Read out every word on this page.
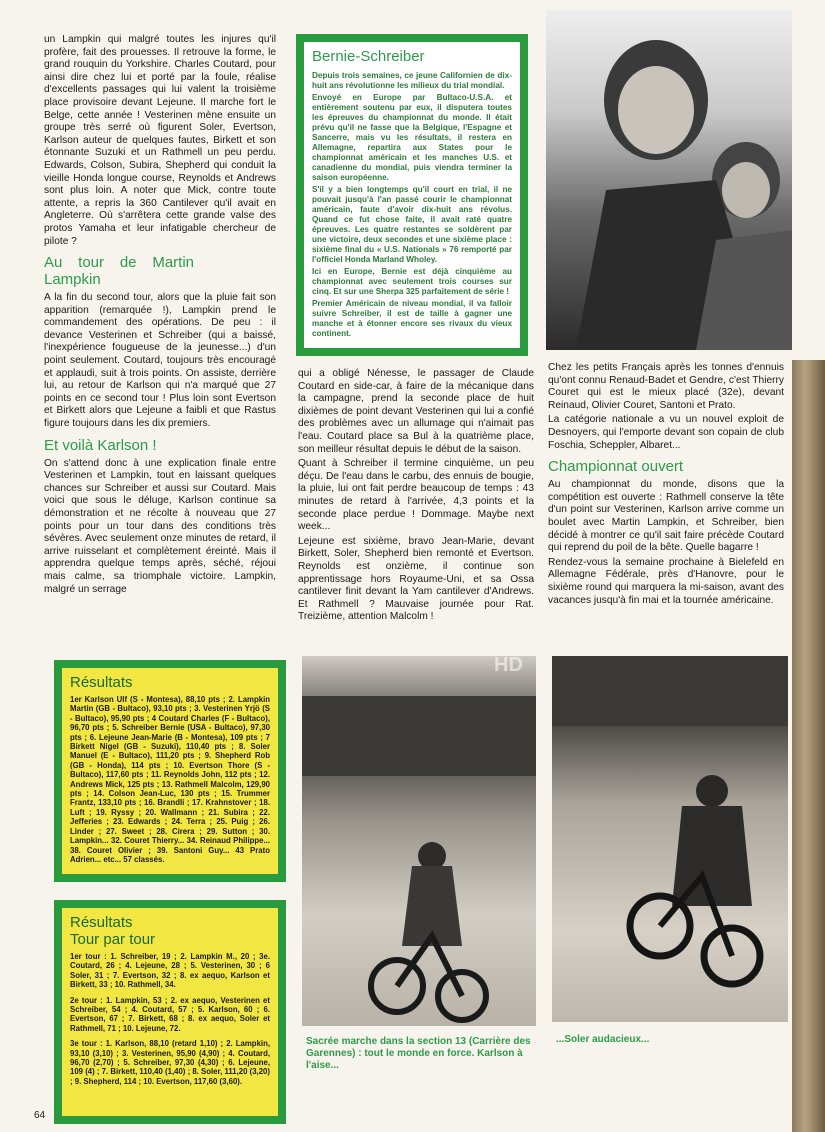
un Lampkin qui malgré toutes les injures qu'il profère, fait des prouesses. Il retrouve la forme, le grand rouquin du Yorkshire. Charles Coutard, pour ainsi dire chez lui et porté par la foule, réalise d'excellents passages qui lui valent la troisième place provisoire devant Lejeune. Il marche fort le Belge, cette année ! Vesterinen mène ensuite un groupe très serré où figurent Soler, Evertson, Karlson auteur de quelques fautes, Birkett et son étonnante Suzuki et un Rathmell un peu perdu. Edwards, Colson, Subira, Shepherd qui conduit la vieille Honda longue course, Reynolds et Andrews sont plus loin. A noter que Mick, contre toute attente, a repris la 360 Cantilever qu'il avait en Angleterre. Où s'arrêtera cette grande valse des protos Yamaha et leur infatigable chercheur de pilote ?

Au tour de Martin Lampkin

A la fin du second tour, alors que la pluie fait son apparition (remarquée !), Lampkin prend le commandement des opérations. De peu : il devance Vesterinen et Schreiber (qui a baissé, l'inexpérience fougueuse de la jeunesse...) d'un point seulement. Coutard, toujours très encouragé et applaudi, suit à trois points. On assiste, derrière lui, au retour de Karlson qui n'a marqué que 27 points en ce second tour ! Plus loin sont Evertson et Birkett alors que Lejeune a faibli et que Rastus figure toujours dans les dix premiers.

Et voilà Karlson !

On s'attend donc à une explication finale entre Vesterinen et Lampkin, tout en laissant quelques chances sur Schreiber et aussi sur Coutard. Mais voici que sous le déluge, Karlson continue sa démonstration et ne récolte à nouveau que 27 points pour un tour dans des conditions très sévères. Avec seulement onze minutes de retard, il arrive ruisselant et complètement éreinté. Mais il apprendra quelque temps après, séché, réjoui mais calme, sa triomphale victoire. Lampkin, malgré un serrage

Bernie-Schreiber

Depuis trois semaines, ce jeune Californien de dix-huit ans révolutionne les milieux du trial mondial.

Envoyé en Europe par Bultaco-U.S.A. et entièrement soutenu par eux, il disputera toutes les épreuves du championnat du monde. Il était prévu qu'il ne fasse que la Belgique, l'Espagne et Sancerre, mais vu les résultats, il restera en Allemagne, repartira aux States pour le championnat américain et les manches U.S. et canadienne du mondial, puis viendra terminer la saison européenne.

S'il y a bien longtemps qu'il court en trial, il ne pouvait jusqu'à l'an passé courir le championnat américain, faute d'avoir dix-huit ans révolus. Quand ce fut chose faite, il avait raté quatre épreuves. Les quatre restantes se soldèrent par une victoire, deux secondes et une sixième place : sixième final du « U.S. Nationals » 76 remporté par l'officiel Honda Marland Wholey.

Ici en Europe, Bernie est déjà cinquième au championnat avec seulement trois courses sur cinq. Et sur une Sherpa 325 parfaitement de série !

Premier Américain de niveau mondial, il va falloir suivre Schreiber, il est de taille à gagner une manche et à étonner encore ses rivaux du vieux continent.

qui a obligé Nénesse, le passager de Claude Coutard en side-car, à faire de la mécanique dans la campagne, prend la seconde place de huit dixièmes de point devant Vesterinen qui lui a confié des problèmes avec un allumage qui n'aimait pas l'eau. Coutard place sa Bul à la quatrième place, son meilleur résultat depuis le début de la saison.

Quant à Schreiber il termine cinquième, un peu déçu. De l'eau dans le carbu, des ennuis de bougie, la pluie, lui ont fait perdre beaucoup de temps : 43 minutes de retard à l'arrivée, 4,3 points et la seconde place perdue ! Dommage. Maybe next week...

Lejeune est sixième, bravo Jean-Marie, devant Birkett, Soler, Shepherd bien remonté et Evertson. Reynolds est onzième, il continue son apprentissage hors Royaume-Uni, et sa Ossa cantilever finit devant la Yam cantilever d'Andrews. Et Rathmell ? Mauvaise journée pour Rat. Treizième, attention Malcolm !

Chez les petits Français après les tonnes d'ennuis qu'ont connu Renaud-Badet et Gendre, c'est Thierry Couret qui est le mieux placé (32e), devant Reinaud, Olivier Couret, Santoni et Prato.

La catégorie nationale a vu un nouvel exploit de Desnoyers, qui l'emporte devant son copain de club Foschia, Scheppler, Albaret...

Championnat ouvert

Au championnat du monde, disons que la compétition est ouverte : Rathmell conserve la tête d'un point sur Vesterinen, Karlson arrive comme un boulet avec Martin Lampkin, et Schreiber, bien décidé à montrer ce qu'il sait faire précède Coutard qui reprend du poil de la bête. Quelle bagarre !

Rendez-vous la semaine prochaine à Bielefeld en Allemagne Fédérale, près d'Hanovre, pour le sixième round qui marquera la mi-saison, avant des vacances jusqu'à fin mai et la tournée américaine.

Résultats

1er Karlson Ulf (S - Montesa), 88,10 pts ; 2. Lampkin Martin (GB - Bultaco), 93,10 pts ; 3. Vesterinen Yrjö (S - Bultaco), 95,90 pts ; 4 Coutard Charles (F - Bultaco), 96,70 pts ; 5. Schreiber Bernie (USA - Bultaco), 97,30 pts ; 6. Lejeune Jean-Marie (B - Montesa), 109 pts ; 7 Birkett Nigel (GB - Suzuki), 110,40 pts ; 8. Soler Manuel (E - Bultaco), 111,20 pts ; 9. Shepherd Rob (GB - Honda), 114 pts ; 10. Evertson Thore (S - Bultaco), 117,60 pts ; 11. Reynolds John, 112 pts ; 12. Andrews Mick, 125 pts ; 13. Rathmell Malcolm, 129,90 pts ; 14. Colson Jean-Luc, 130 pts ; 15. Trummer Frantz, 133,10 pts ; 16. Brandli ; 17. Krahnstover ; 18. Luft ; 19. Ryssy ; 20. Wallmann ; 21. Subira ; 22. Jefferies ; 23. Edwards ; 24. Terra ; 25. Puig ; 26. Linder ; 27. Sweet ; 28. Cirera ; 29. Sutton ; 30. Lampkin... 32. Couret Thierry... 34. Reinaud Philippe... 38. Couret Olivier ; 39. Santoni Guy... 43 Prato Adrien... etc... 57 classés.

Résultats
Tour par tour

1er tour : 1. Schreiber, 19 ; 2. Lampkin M., 20 ; 3e. Coutard, 26 ; 4. Lejeune, 28 ; 5. Vesterinen, 30 ; 6 Soler, 31 ; 7. Evertson, 32 ; 8. ex aequo, Karlson et Birkett, 33 ; 10. Rathmell, 34.

2e tour : 1. Lampkin, 53 ; 2. ex aequo, Vesterinen et Schreiber, 54 ; 4. Coutard, 57 ; 5. Karlson, 60 ; 6. Evertson, 67 ; 7. Birkett, 68 ; 8. ex aequo, Soler et Rathmell, 71 ; 10. Lejeune, 72.

3e tour : 1. Karlson, 88,10 (retard 1,10) ; 2. Lampkin, 93,10 (3,10) ; 3. Vesterinen, 95,90 (4,90) ; 4. Coutard, 96,70 (2,70) ; 5. Schreiber, 97,30 (4,30) ; 6. Lejeune, 109 (4) ; 7. Birkett, 110,40 (1,40) ; 8. Soler, 111,20 (3,20) ; 9. Shepherd, 114 ; 10. Evertson, 117,60 (3,60).

HD
Sacrée marche dans la section 13 (Carrière des Garennes) : tout le monde en force. Karlson à l'aise...
...Soler audacieux...
64
